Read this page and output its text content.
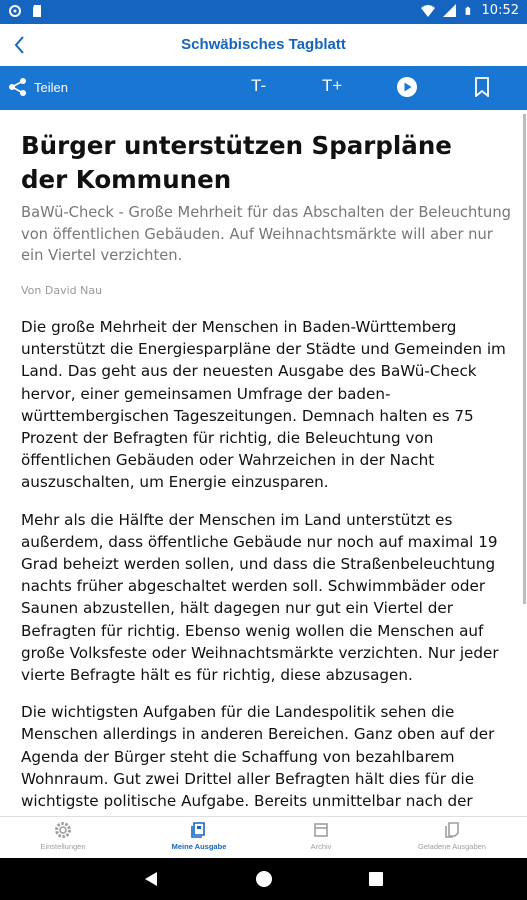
10:52
Schwäbisches Tagblatt
Teilen	T-	T+
Bürger unterstützen Sparpläne der Kommunen
BaWü-Check - Große Mehrheit für das Abschalten der Beleuchtung von öffentlichen Gebäuden. Auf Weihnachtsmärkte will aber nur ein Viertel verzichten.
Von David Nau

Die große Mehrheit der Menschen in Baden-Württemberg unterstützt die Energiesparpläne der Städte und Gemeinden im Land. Das geht aus der neuesten Ausgabe des BaWü-Check hervor, einer gemeinsamen Umfrage der baden-württembergischen Tageszeitungen. Demnach halten es 75 Prozent der Befragten für richtig, die Beleuchtung von öffentlichen Gebäuden oder Wahrzeichen in der Nacht auszuschalten, um Energie einzusparen.

Mehr als die Hälfte der Menschen im Land unterstützt es außerdem, dass öffentliche Gebäude nur noch auf maximal 19 Grad beheizt werden sollen, und dass die Straßenbeleuchtung nachts früher abgeschaltet werden soll. Schwimmbäder oder Saunen abzustellen, hält dagegen nur gut ein Viertel der Befragten für richtig. Ebenso wenig wollen die Menschen auf große Volksfeste oder Weihnachtsmärkte verzichten. Nur jeder vierte Befragte hält es für richtig, diese abzusagen.

Die wichtigsten Aufgaben für die Landespolitik sehen die Menschen allerdings in anderen Bereichen. Ganz oben auf der Agenda der Bürger steht die Schaffung von bezahlbarem Wohnraum. Gut zwei Drittel aller Befragten hält dies für die wichtigste politische Aufgabe. Bereits unmittelbar nach der

Einstellungen	Meine Ausgabe	Archiv	Geladene Ausgaben
